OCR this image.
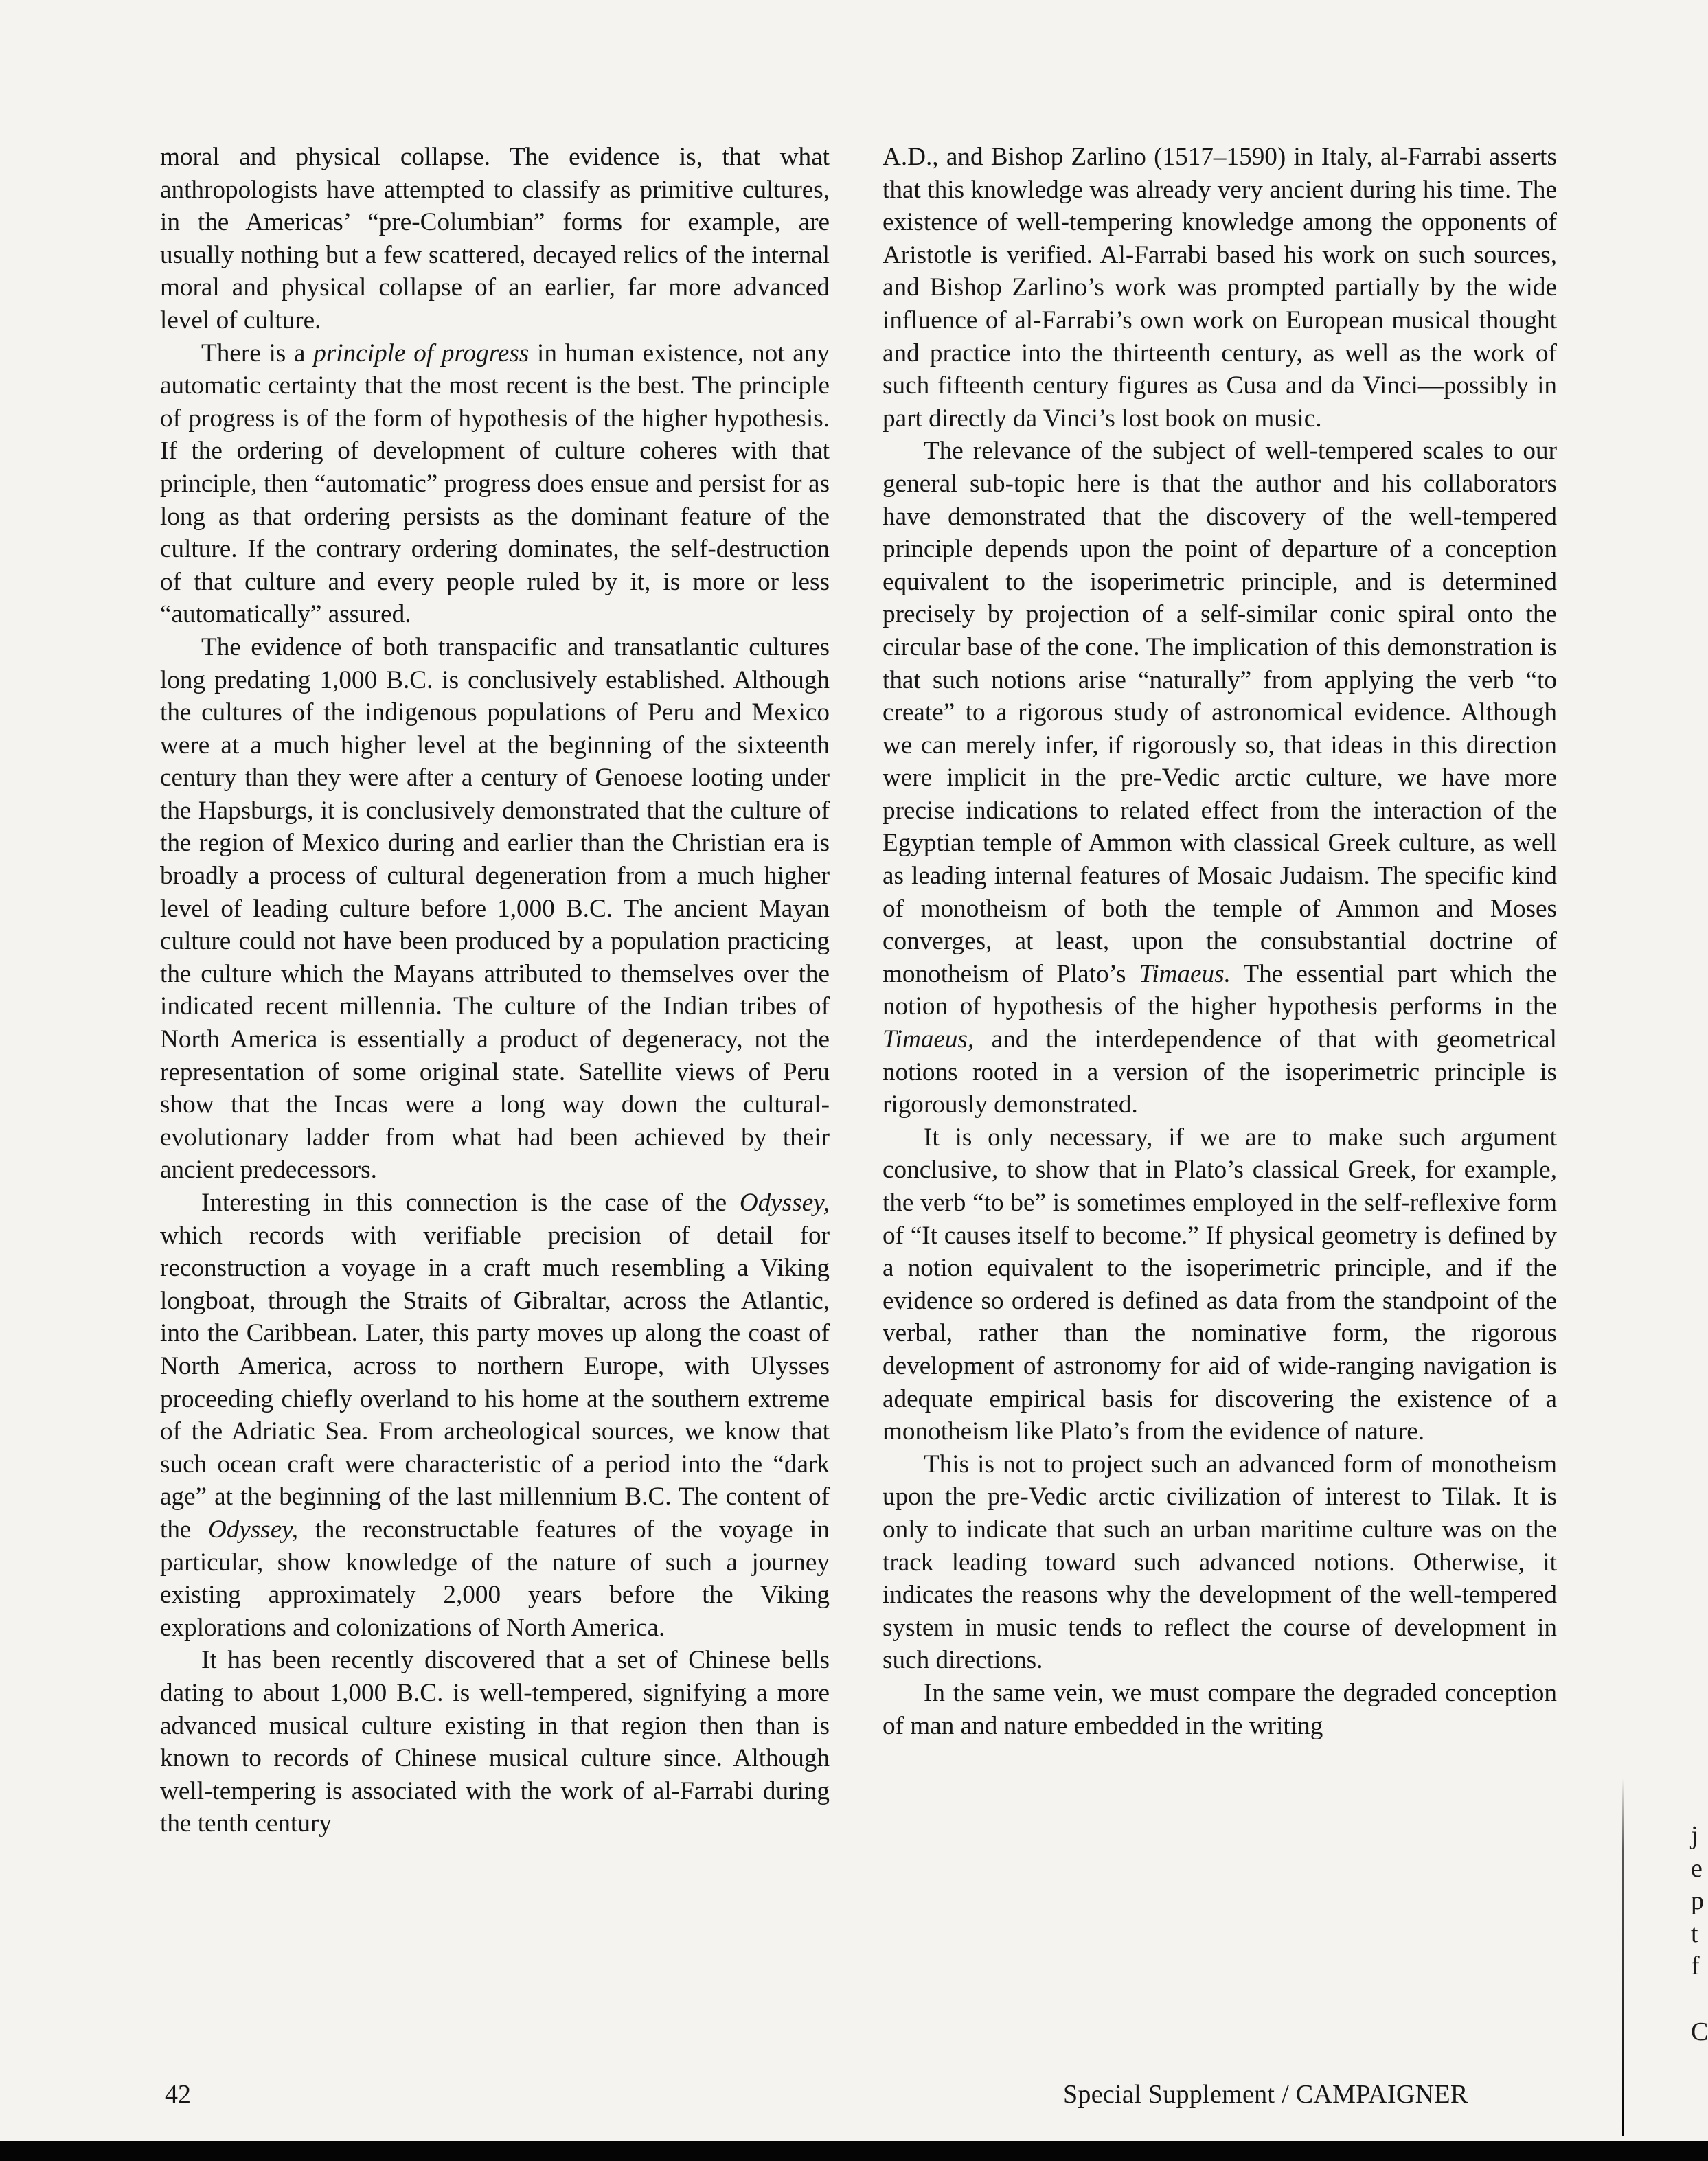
moral and physical collapse. The evidence is, that what anthropologists have attempted to classify as primitive cultures, in the Americas’ “pre-Columbian” forms for example, are usually nothing but a few scattered, decayed relics of the internal moral and physical collapse of an earlier, far more advanced level of culture.

There is a principle of progress in human existence, not any automatic certainty that the most recent is the best. The principle of progress is of the form of hypothesis of the higher hypothesis. If the ordering of development of culture coheres with that principle, then “automatic” progress does ensue and persist for as long as that ordering persists as the dominant feature of the culture. If the contrary ordering dominates, the self-destruction of that culture and every people ruled by it, is more or less “automatically” assured.

The evidence of both transpacific and transatlantic cultures long predating 1,000 B.C. is conclusively established. Although the cultures of the indigenous populations of Peru and Mexico were at a much higher level at the beginning of the sixteenth century than they were after a century of Genoese looting under the Hapsburgs, it is conclusively demonstrated that the culture of the region of Mexico during and earlier than the Christian era is broadly a process of cultural degeneration from a much higher level of leading culture before 1,000 B.C. The ancient Mayan culture could not have been produced by a population practicing the culture which the Mayans attributed to themselves over the indicated recent millennia. The culture of the Indian tribes of North America is essentially a product of degeneracy, not the representation of some original state. Satellite views of Peru show that the Incas were a long way down the cultural-evolutionary ladder from what had been achieved by their ancient predecessors.

Interesting in this connection is the case of the Odyssey, which records with verifiable precision of detail for reconstruction a voyage in a craft much resembling a Viking longboat, through the Straits of Gibraltar, across the Atlantic, into the Caribbean. Later, this party moves up along the coast of North America, across to northern Europe, with Ulysses proceeding chiefly overland to his home at the southern extreme of the Adriatic Sea. From archeological sources, we know that such ocean craft were characteristic of a period into the “dark age” at the beginning of the last millennium B.C. The content of the Odyssey, the reconstructable features of the voyage in particular, show knowledge of the nature of such a journey existing approximately 2,000 years before the Viking explorations and colonizations of North America.

It has been recently discovered that a set of Chinese bells dating to about 1,000 B.C. is well-tempered, signifying a more advanced musical culture existing in that region then than is known to records of Chinese musical culture since. Although well-tempering is associated with the work of al-Farrabi during the tenth century

A.D., and Bishop Zarlino (1517–1590) in Italy, al-Farrabi asserts that this knowledge was already very ancient during his time. The existence of well-tempering knowledge among the opponents of Aristotle is verified. Al-Farrabi based his work on such sources, and Bishop Zarlino’s work was prompted partially by the wide influence of al-Farrabi’s own work on European musical thought and practice into the thirteenth century, as well as the work of such fifteenth century figures as Cusa and da Vinci—possibly in part directly da Vinci’s lost book on music.

The relevance of the subject of well-tempered scales to our general sub-topic here is that the author and his collaborators have demonstrated that the discovery of the well-tempered principle depends upon the point of departure of a conception equivalent to the isoperimetric principle, and is determined precisely by projection of a self-similar conic spiral onto the circular base of the cone. The implication of this demonstration is that such notions arise “naturally” from applying the verb “to create” to a rigorous study of astronomical evidence. Although we can merely infer, if rigorously so, that ideas in this direction were implicit in the pre-Vedic arctic culture, we have more precise indications to related effect from the interaction of the Egyptian temple of Ammon with classical Greek culture, as well as leading internal features of Mosaic Judaism. The specific kind of monotheism of both the temple of Ammon and Moses converges, at least, upon the consubstantial doctrine of monotheism of Plato’s Timaeus. The essential part which the notion of hypothesis of the higher hypothesis performs in the Timaeus, and the interdependence of that with geometrical notions rooted in a version of the isoperimetric principle is rigorously demonstrated.

It is only necessary, if we are to make such argument conclusive, to show that in Plato’s classical Greek, for example, the verb “to be” is sometimes employed in the self-reflexive form of “It causes itself to become.” If physical geometry is defined by a notion equivalent to the isoperimetric principle, and if the evidence so ordered is defined as data from the standpoint of the verbal, rather than the nominative form, the rigorous development of astronomy for aid of wide-ranging navigation is adequate empirical basis for discovering the existence of a monotheism like Plato’s from the evidence of nature.

This is not to project such an advanced form of monotheism upon the pre-Vedic arctic civilization of interest to Tilak. It is only to indicate that such an urban maritime culture was on the track leading toward such advanced notions. Otherwise, it indicates the reasons why the development of the well-tempered system in music tends to reflect the course of development in such directions.

In the same vein, we must compare the degraded conception of man and nature embedded in the writing

42	Special Supplement / CAMPAIGNER
j
e
p
t
f
C
